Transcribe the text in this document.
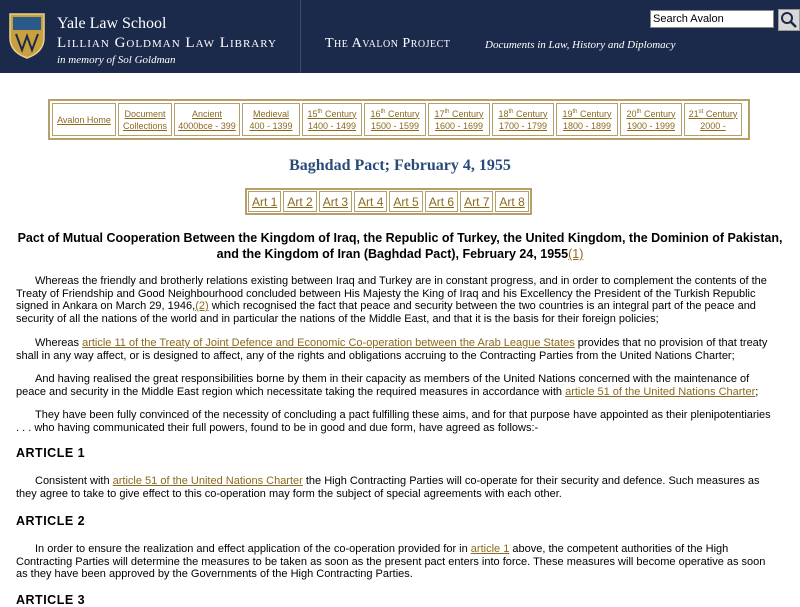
Yale Law School
Lillian Goldman Law Library
in memory of Sol Goldman
The Avalon Project	Documents in Law, History and Diplomacy
Search Avalon
Avalon Home
Document
Collections
Ancient
4000bce - 399
Medieval
400 - 1399
15th Century
1400 - 1499
16th Century
1500 - 1599
17th Century
1600 - 1699
18th Century
1700 - 1799
19th Century
1800 - 1899
20th Century
1900 - 1999
21st Century
2000 -
Baghdad Pact; February 4, 1955
Art 1 Art 2 Art 3 Art 4 Art 5 Art 6 Art 7 Art 8
Pact of Mutual Cooperation Between the Kingdom of Iraq, the Republic of Turkey, the United Kingdom, the Dominion of Pakistan, and the Kingdom of Iran (Baghdad Pact), February 24, 1955(1)
Whereas the friendly and brotherly relations existing between Iraq and Turkey are in constant progress, and in order to complement the contents of the Treaty of Friendship and Good Neighbourhood concluded between His Majesty the King of Iraq and his Excellency the President of the Turkish Republic signed in Ankara on March 29, 1946,(2) which recognised the fact that peace and security between the two countries is an integral part of the peace and security of all the nations of the world and in particular the nations of the Middle East, and that it is the basis for their foreign policies;
Whereas article 11 of the Treaty of Joint Defence and Economic Co-operation between the Arab League States provides that no provision of that treaty shall in any way affect, or is designed to affect, any of the rights and obligations accruing to the Contracting Parties from the United Nations Charter;
And having realised the great responsibilities borne by them in their capacity as members of the United Nations concerned with the maintenance of peace and security in the Middle East region which necessitate taking the required measures in accordance with article 51 of the United Nations Charter;
They have been fully convinced of the necessity of concluding a pact fulfilling these aims, and for that purpose have appointed as their plenipotentiaries . . . who having communicated their full powers, found to be in good and due form, have agreed as follows:-
ARTICLE 1
Consistent with article 51 of the United Nations Charter the High Contracting Parties will co-operate for their security and defence. Such measures as they agree to take to give effect to this co-operation may form the subject of special agreements with each other.
ARTICLE 2
In order to ensure the realization and effect application of the co-operation provided for in article 1 above, the competent authorities of the High Contracting Parties will determine the measures to be taken as soon as the present pact enters into force. These measures will become operative as soon as they have been approved by the Governments of the High Contracting Parties.
ARTICLE 3
